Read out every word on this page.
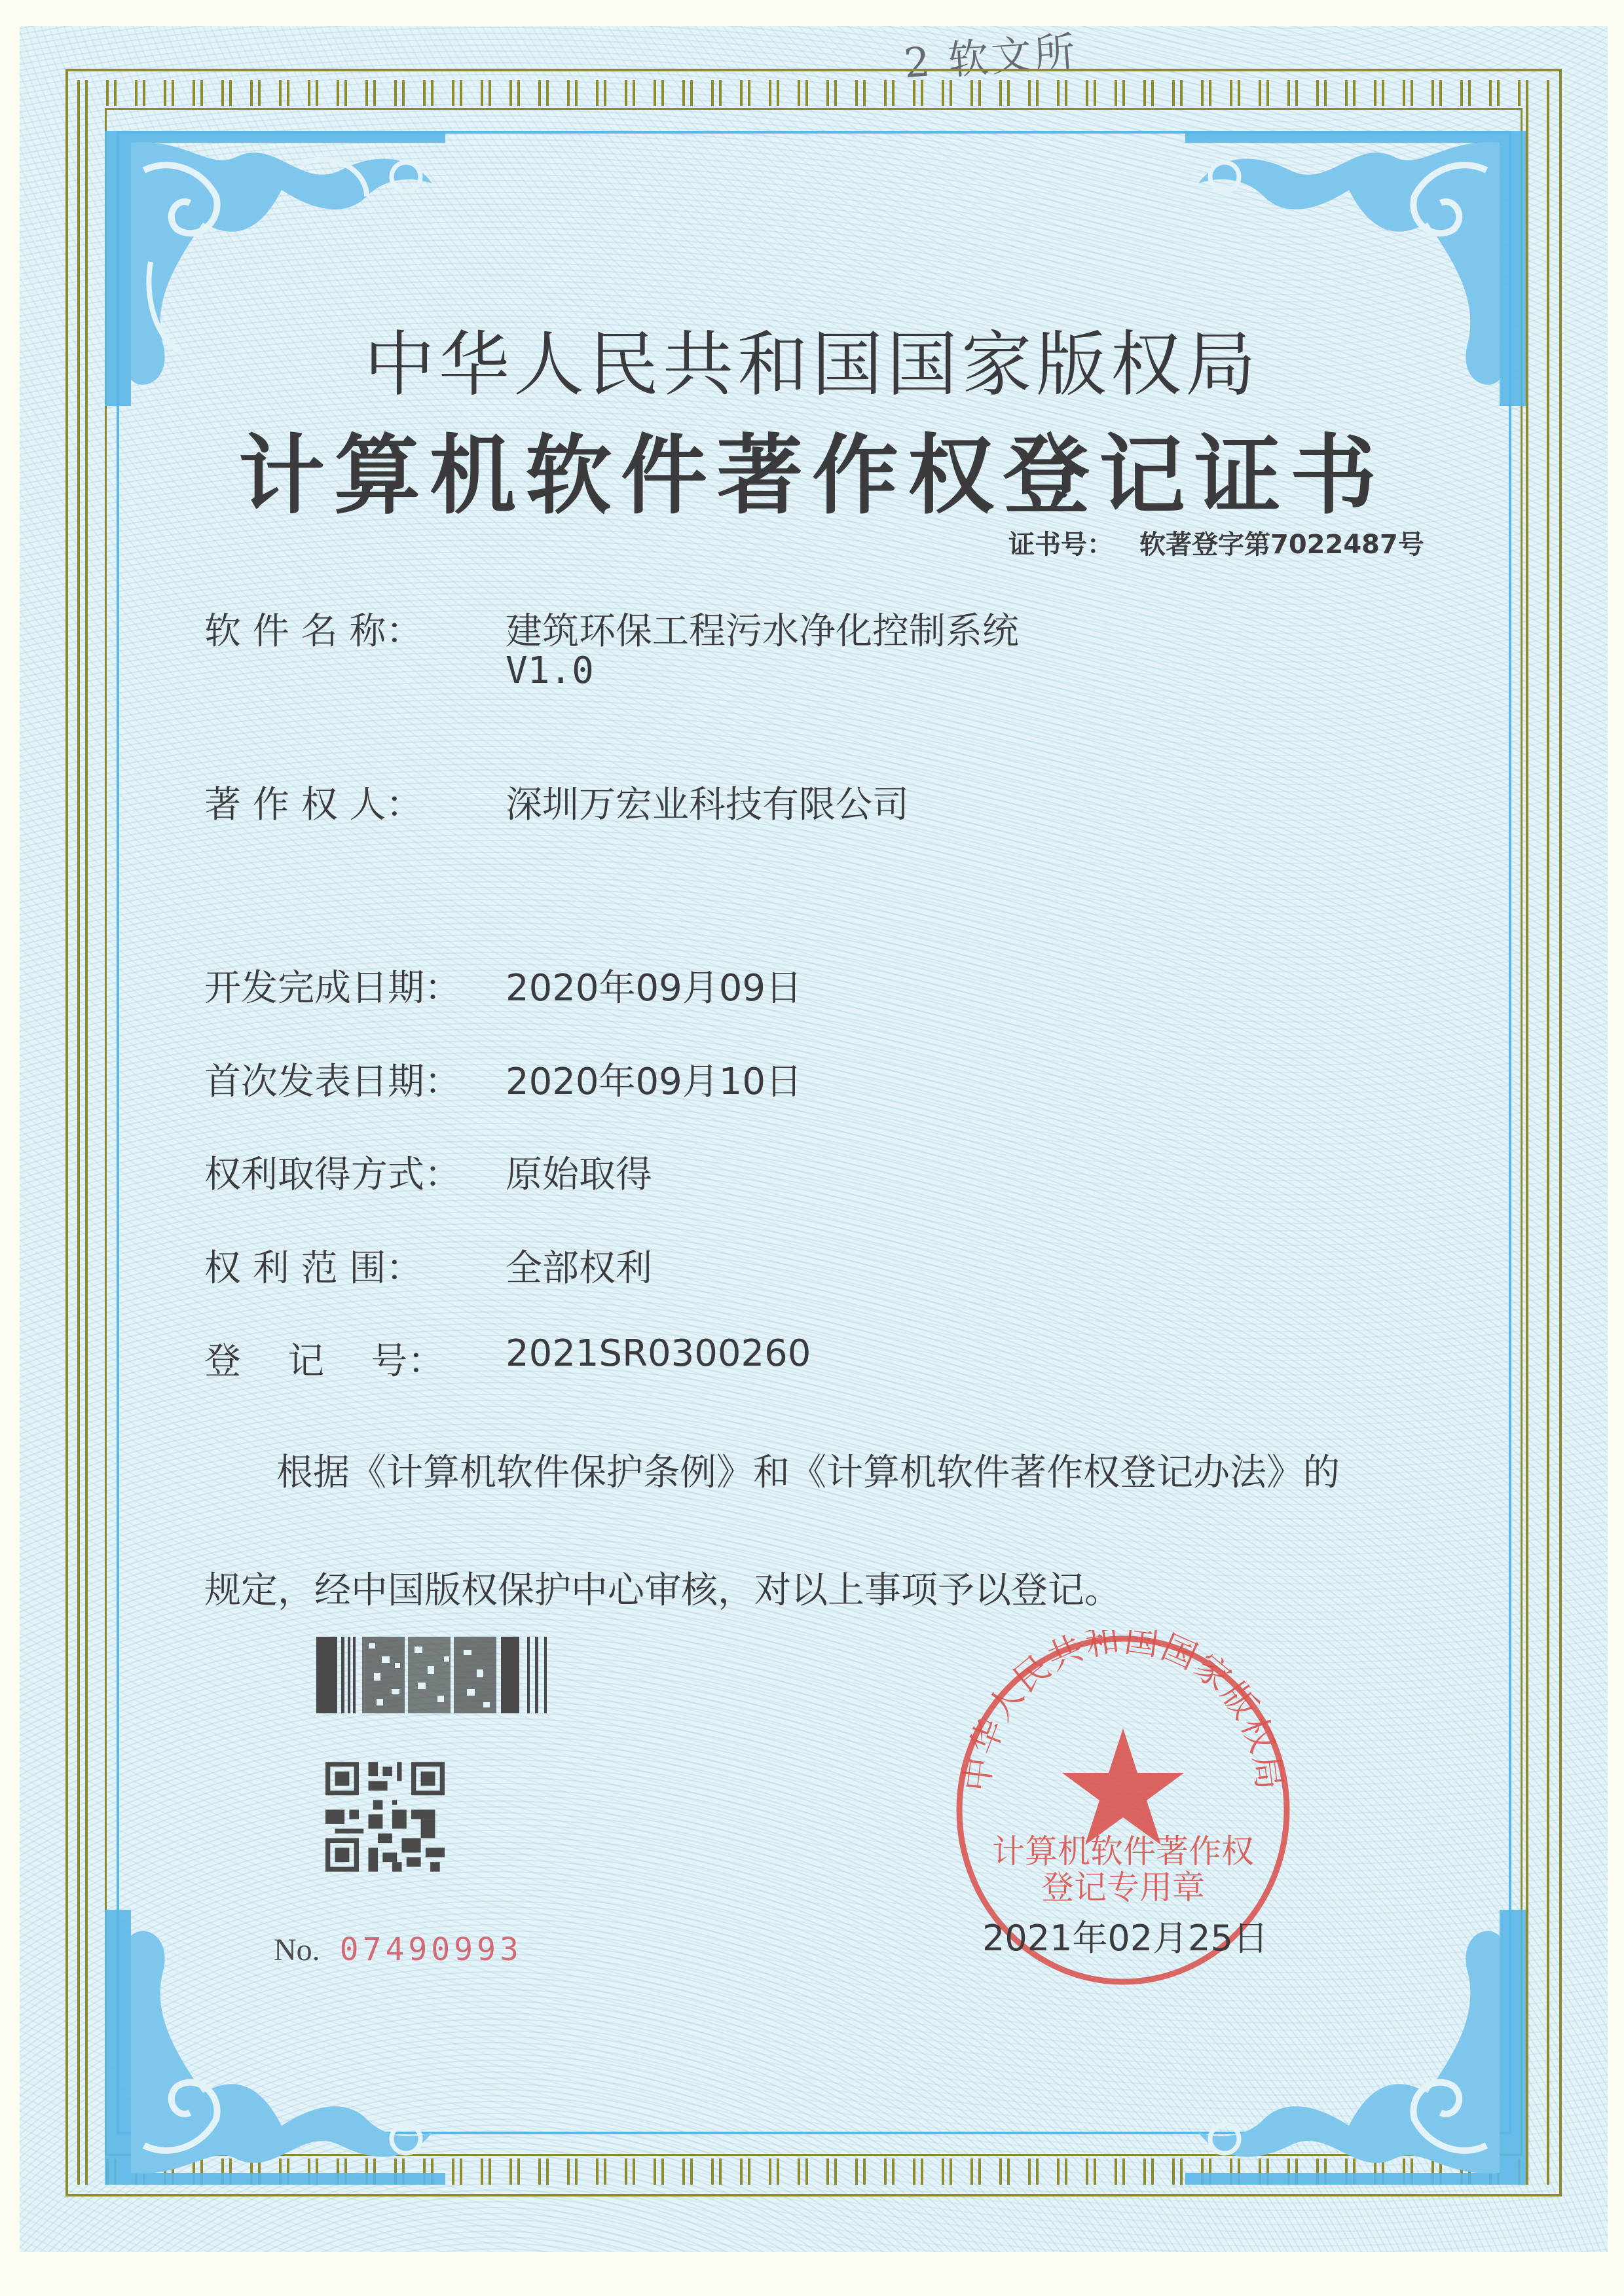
2 软文所
中华人民共和国国家版权局
计算机软件著作权登记证书
证书号： 软著登字第7022487号
软 件 名 称： 建筑环保工程污水净化控制系统
V1.0
著 作 权 人： 深圳万宏业科技有限公司
开发完成日期： 2020年09月09日
首次发表日期： 2020年09月10日
权利取得方式： 原始取得
权 利 范 围： 全部权利
登    记    号： 2021SR0300260
根据《计算机软件保护条例》和《计算机软件著作权登记办法》的
规定，经中国版权保护中心审核，对以上事项予以登记。
No. 07490993
中华人民共和国国家版权局
计算机软件著作权
登记专用章
2021年02月25日
